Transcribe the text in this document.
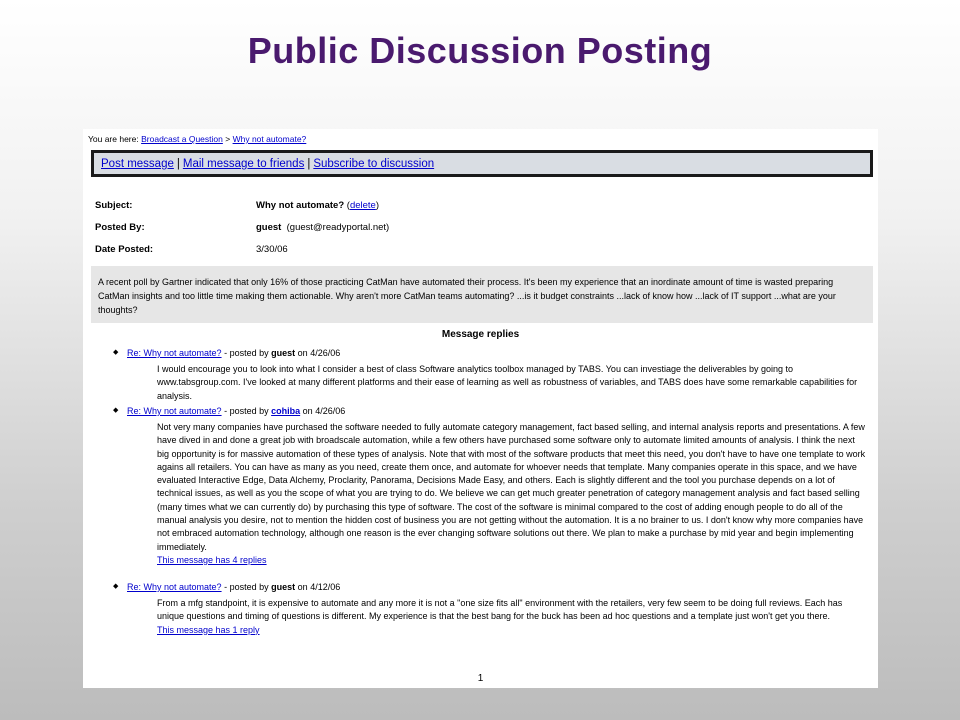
Public Discussion Posting
You are here: Broadcast a Question > Why not automate?
Post message | Mail message to friends | Subscribe to discussion
Subject:	Why not automate? (delete)
Posted By:	guest (guest@readyportal.net)
Date Posted:	3/30/06
A recent poll by Gartner indicated that only 16% of those practicing CatMan have automated their process. It's been my experience that an inordinate amount of time is wasted preparing CatMan insights and too little time making them actionable. Why aren't more CatMan teams automating? ...is it budget constraints ...lack of know how ...lack of IT support ...what are your thoughts?
Message replies
◆ Re: Why not automate? - posted by guest on 4/26/06
I would encourage you to look into what I consider a best of class Software analytics toolbox managed by TABS. You can investiage the deliverables by going to www.tabsgroup.com. I've looked at many different platforms and their ease of learning as well as robustness of variables, and TABS does have some remarkable capabilities for analysis.
◆ Re: Why not automate? - posted by cohiba on 4/26/06
Not very many companies have purchased the software needed to fully automate category management, fact based selling, and internal analysis reports and presentations. A few have dived in and done a great job with broadscale automation, while a few others have purchased some software only to automate limited amounts of analysis. I think the next big opportunity is for massive automation of these types of analysis. Note that with most of the software products that meet this need, you don't have to have one template to work agains all retailers. You can have as many as you need, create them once, and automate for whoever needs that template. Many companies operate in this space, and we have evaluated Interactive Edge, Data Alchemy, Proclarity, Panorama, Decisions Made Easy, and others. Each is slightly different and the tool you purchase depends on a lot of technical issues, as well as you the scope of what you are trying to do. We believe we can get much greater penetration of category management analysis and fact based selling (many times what we can currently do) by purchasing this type of software. The cost of the software is minimal compared to the cost of adding enough people to do all of the manual analysis you desire, not to mention the hidden cost of business you are not getting without the automation. It is a no brainer to us. I don't know why more companies have not embraced automation technology, although one reason is the ever changing software solutions out there. We plan to make a purchase by mid year and begin implementing immediately.
This message has 4 replies
◆ Re: Why not automate? - posted by guest on 4/12/06
From a mfg standpoint, it is expensive to automate and any more it is not a "one size fits all" environment with the retailers, very few seem to be doing full reviews. Each has unique questions and timing of questions is different. My experience is that the best bang for the buck has been ad hoc questions and a template just won't get you there.
This message has 1 reply
1
